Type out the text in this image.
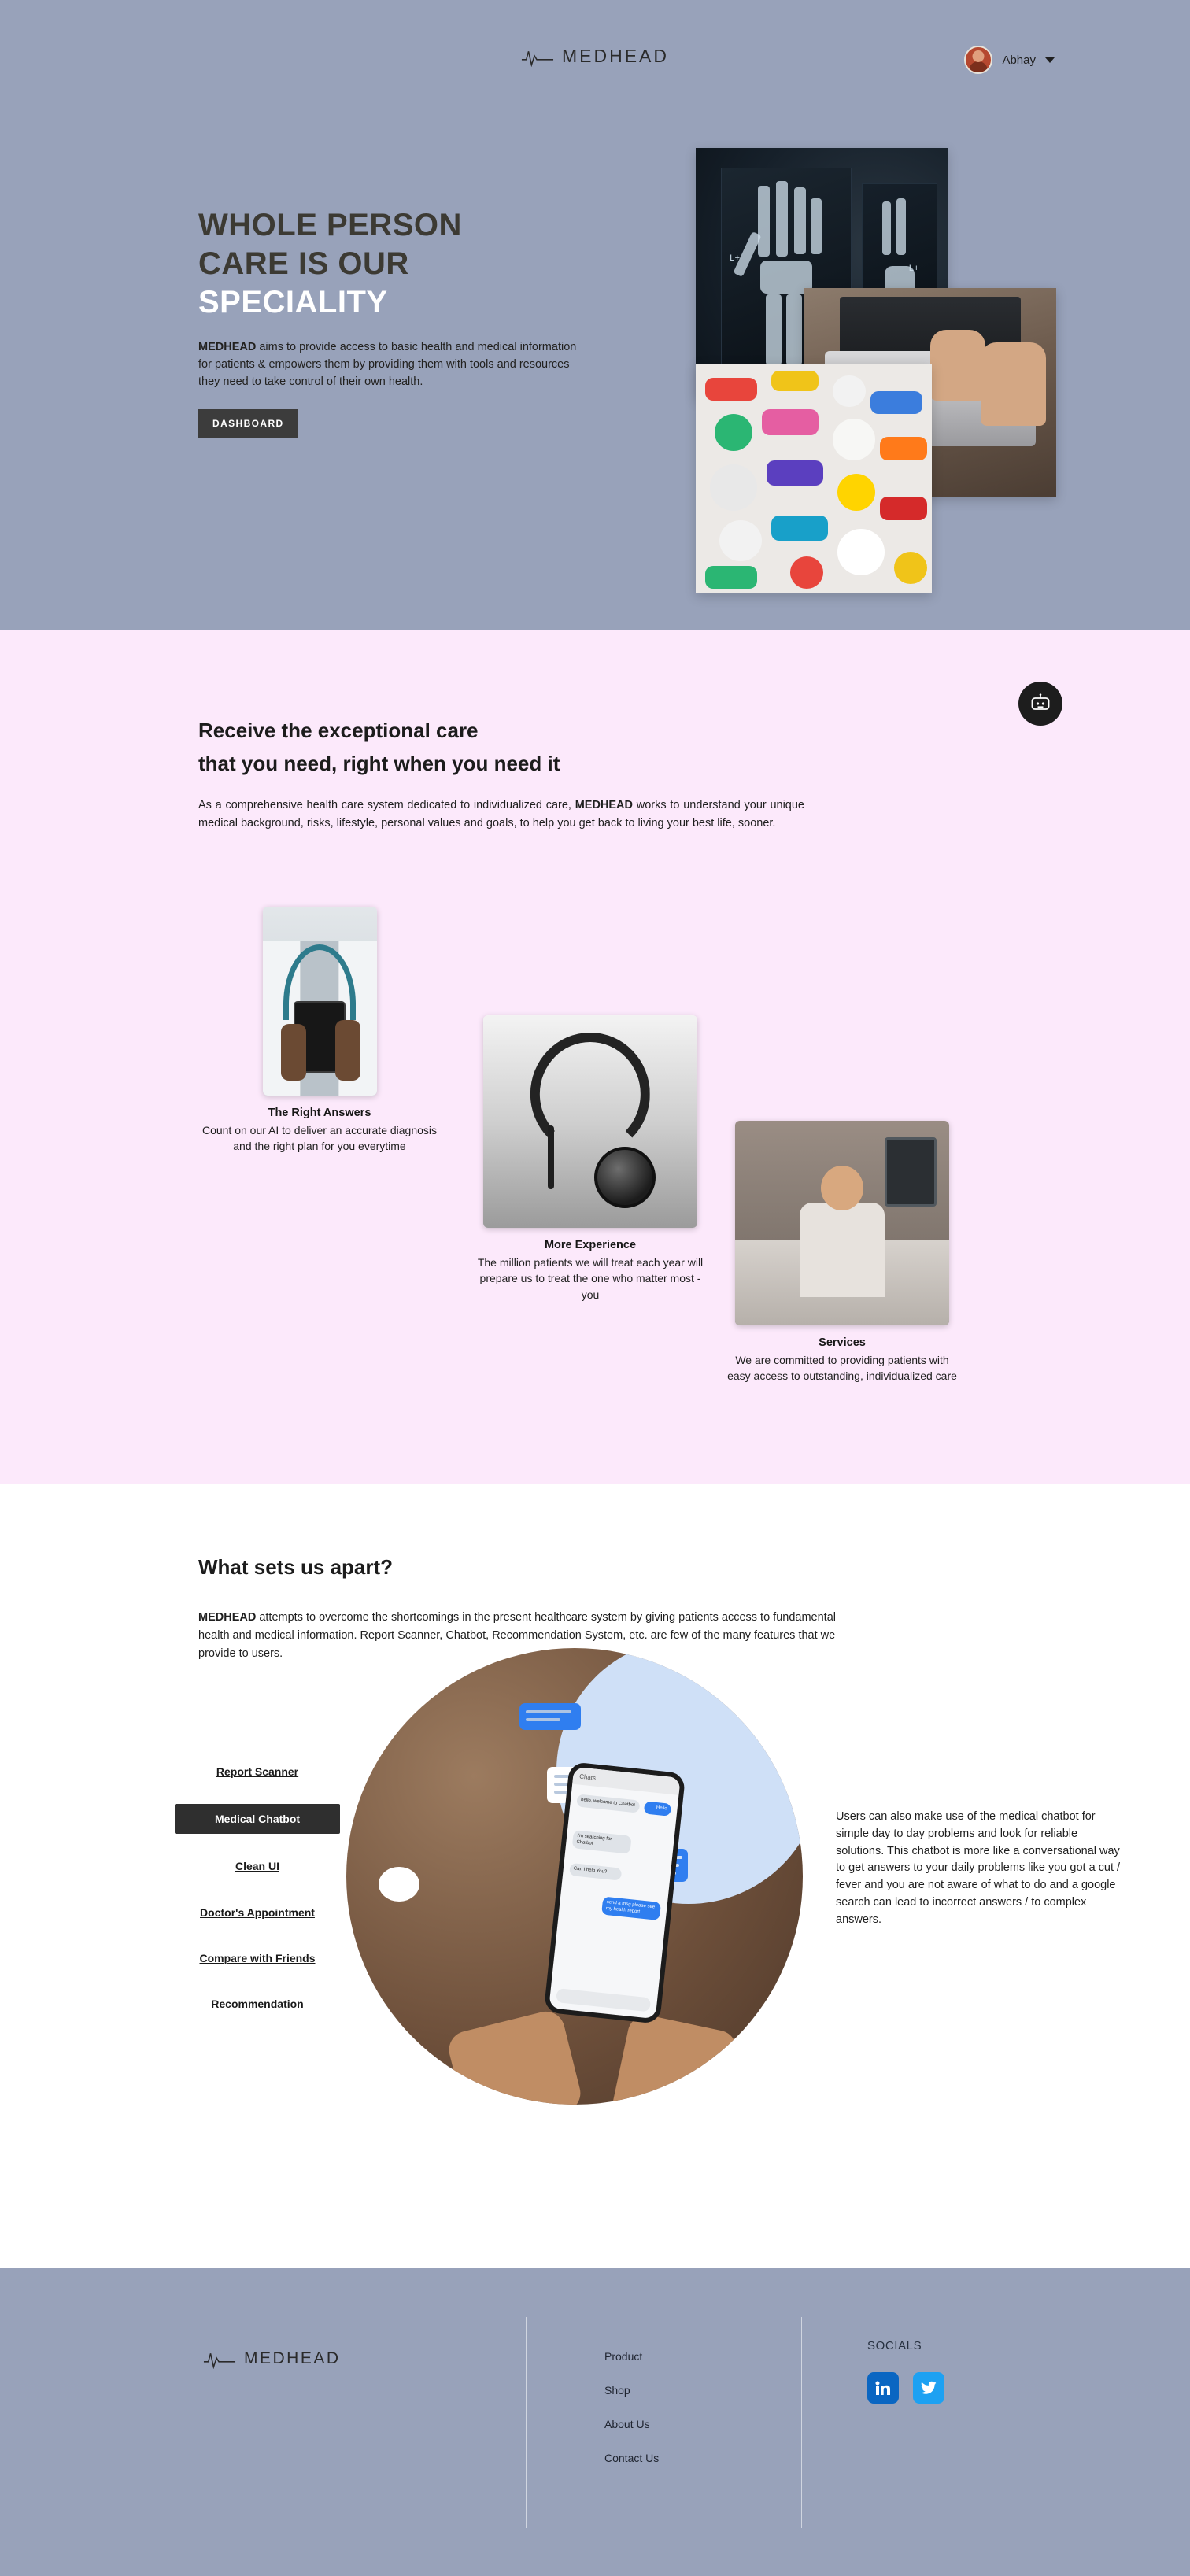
MEDHEAD	Abhay
WHOLE PERSON
CARE IS OUR
SPECIALITY

MEDHEAD aims to provide access to basic health and medical information for patients & empowers them by providing them with tools and resources they need to take control of their own health.

DASHBOARD
L+
L+
Receive the exceptional care
that you need, right when you need it

As a comprehensive health care system dedicated to individualized care, MEDHEAD works to understand your unique medical background, risks, lifestyle, personal values and goals, to help you get back to living your best life, sooner.

The Right Answers
Count on our AI to deliver an accurate diagnosis and the right plan for you everytime
More Experience
The million patients we will treat each year will prepare us to treat the one who matter most - you
Services
We are committed to providing patients with easy access to outstanding, individualized care
What sets us apart?

MEDHEAD attempts to overcome the shortcomings in the present healthcare system by giving patients access to fundamental health and medical information. Report Scanner, Chatbot, Recommendation System, etc. are few of the many features that we provide to users.

Report Scanner
Medical Chatbot
Clean UI
Doctor's Appointment
Compare with Friends
Recommendation
Chats
hello, welcome to Chatbot
Hello
I'm searching for Chatbot
Can I help You?
send a msg please see my health report

Users can also make use of the medical chatbot for simple day to day problems and look for reliable solutions. This chatbot is more like a conversational way to get answers to your daily problems like you got a cut / fever and you are not aware of what to do and a google search can lead to incorrect answers / to complex answers.

MEDHEAD	Product
Shop
About Us
Contact Us
SOCIALS
